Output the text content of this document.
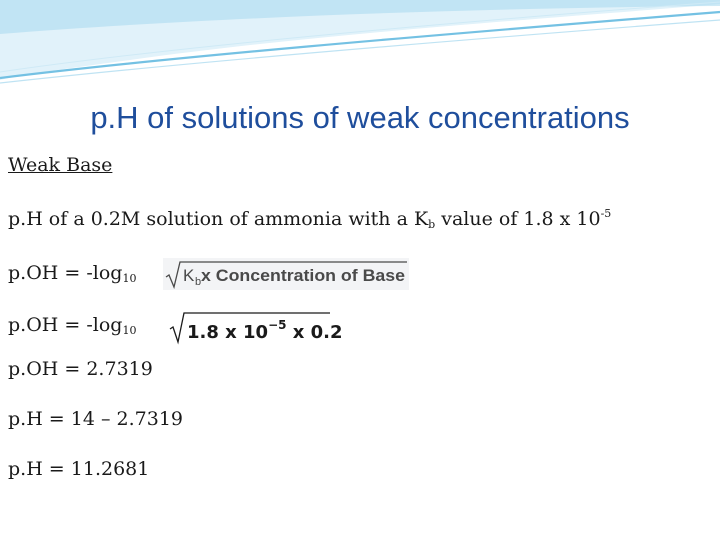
p.H of solutions of weak concentrations
Weak Base
p.H of a 0.2M solution of ammonia with a $K_b$ value of 1.8 x $10^{-5}$
$p.OH = -\log_{10}$	K b x Concentration of Base
$p.OH = -\log_{10}$	1.8 x $10^{-5}$ x 0.2
p.OH = 2.7319
p.H = 14 – 2.7319
p.H = 11.2681
